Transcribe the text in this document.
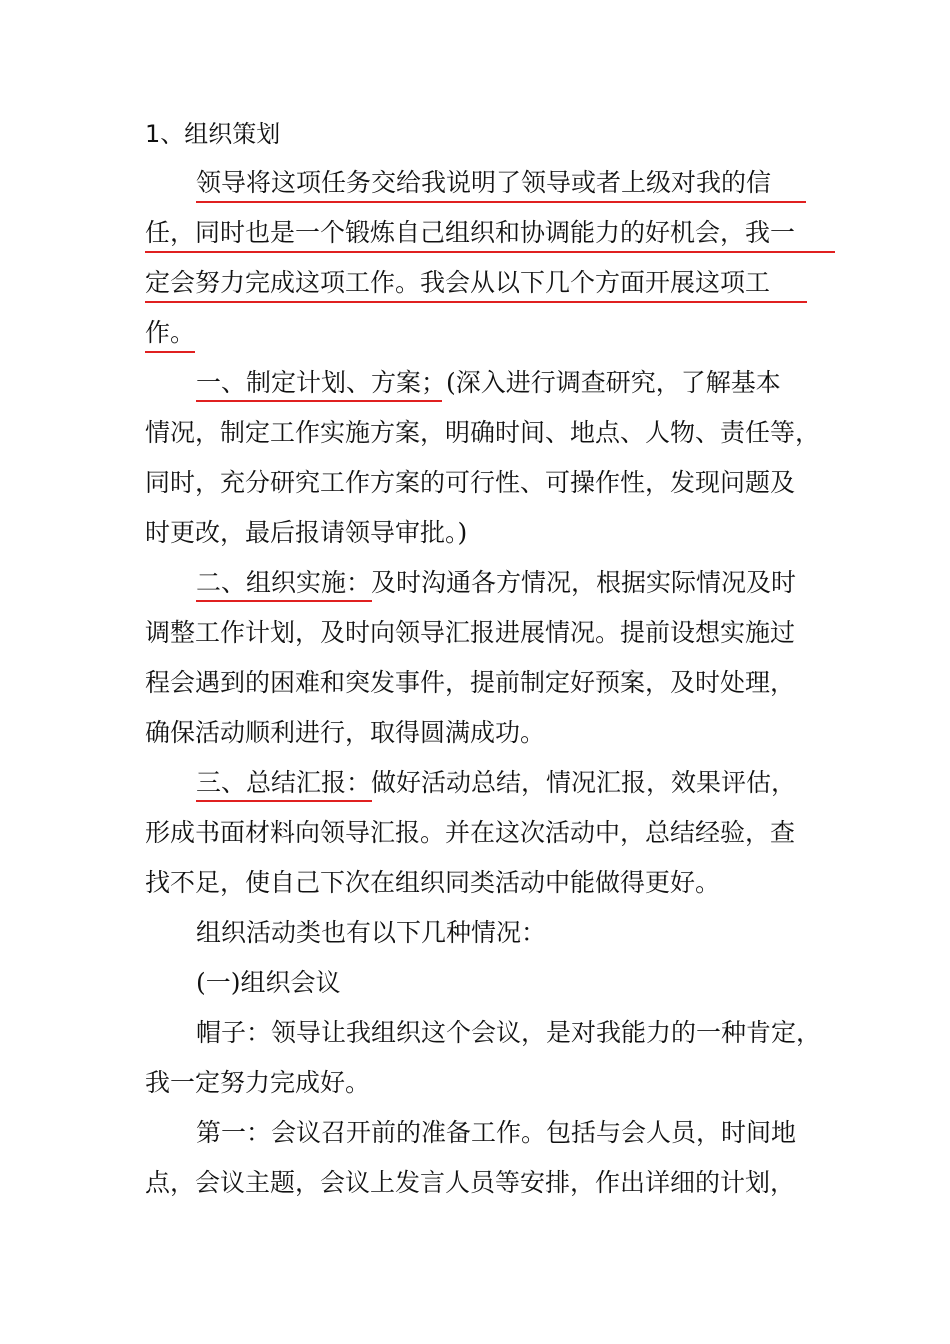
1、组织策划
领导将这项任务交给我说明了领导或者上级对我的信
任，同时也是一个锻炼自己组织和协调能力的好机会，我一
定会努力完成这项工作。我会从以下几个方面开展这项工
作。
一、制定计划、方案；(深入进行调查研究，了解基本
情况，制定工作实施方案，明确时间、地点、人物、责任等，
同时，充分研究工作方案的可行性、可操作性，发现问题及
时更改，最后报请领导审批。)
二、组织实施：及时沟通各方情况，根据实际情况及时
调整工作计划，及时向领导汇报进展情况。提前设想实施过
程会遇到的困难和突发事件，提前制定好预案，及时处理，
确保活动顺利进行，取得圆满成功。
三、总结汇报：做好活动总结，情况汇报，效果评估，
形成书面材料向领导汇报。并在这次活动中，总结经验，查
找不足，使自己下次在组织同类活动中能做得更好。
组织活动类也有以下几种情况：
(一)组织会议
帽子：领导让我组织这个会议，是对我能力的一种肯定，
我一定努力完成好。
第一：会议召开前的准备工作。包括与会人员，时间地
点，会议主题，会议上发言人员等安排，作出详细的计划，
